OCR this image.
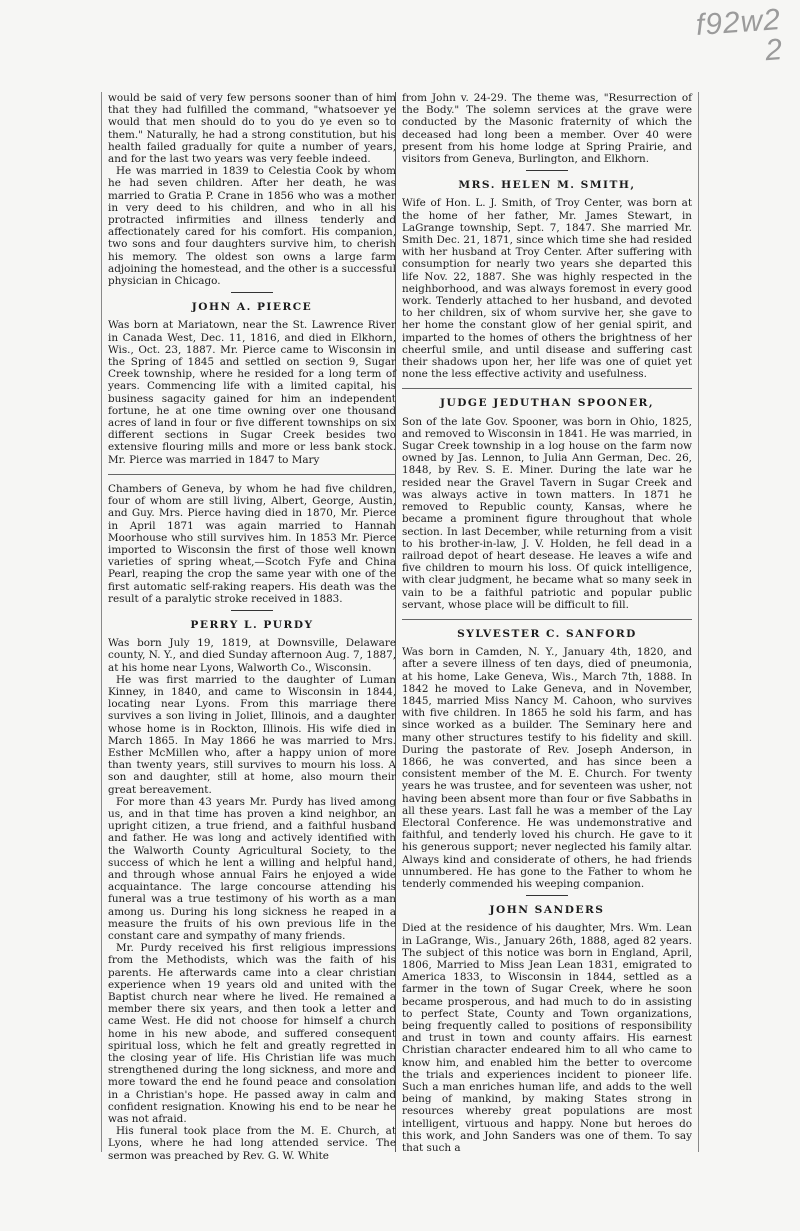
f92w2
2

would be said of very few persons sooner than of him that they had fulfilled the command, "whatsoever ye would that men should do to you do ye even so to them." Naturally, he had a strong constitution, but his health failed gradually for quite a number of years, and for the last two years was very feeble indeed.

He was married in 1839 to Celestia Cook by whom he had seven children. After her death, he was married to Gratia P. Crane in 1856 who was a mother in very deed to his children, and who in all his protracted infirmities and illness tenderly and affectionately cared for his comfort. His companion, two sons and four daughters survive him, to cherish his memory. The oldest son owns a large farm adjoining the homestead, and the other is a successful physician in Chicago.

JOHN A. PIERCE

Was born at Mariatown, near the St. Lawrence River in Canada West, Dec. 11, 1816, and died in Elkhorn, Wis., Oct. 23, 1887. Mr. Pierce came to Wisconsin in the Spring of 1845 and settled on section 9, Sugar Creek township, where he resided for a long term of years. Commencing life with a limited capital, his business sagacity gained for him an independent fortune, he at one time owning over one thousand acres of land in four or five different townships on six different sections in Sugar Creek besides two extensive flouring mills and more or less bank stock. Mr. Pierce was married in 1847 to Mary

Chambers of Geneva, by whom he had five children, four of whom are still living, Albert, George, Austin, and Guy. Mrs. Pierce having died in 1870, Mr. Pierce in April 1871 was again married to Hannah Moorhouse who still survives him. In 1853 Mr. Pierce imported to Wisconsin the first of those well known varieties of spring wheat,—Scotch Fyfe and China Pearl, reaping the crop the same year with one of the first automatic self-raking reapers. His death was the result of a paralytic stroke received in 1883.

PERRY L. PURDY

Was born July 19, 1819, at Downsville, Delaware county, N. Y., and died Sunday afternoon Aug. 7, 1887, at his home near Lyons, Walworth Co., Wisconsin.

He was first married to the daughter of Luman Kinney, in 1840, and came to Wisconsin in 1844, locating near Lyons. From this marriage there survives a son living in Joliet, Illinois, and a daughter whose home is in Rockton, Illinois. His wife died in March 1865. In May 1866 he was married to Mrs. Esther McMillen who, after a happy union of more than twenty years, still survives to mourn his loss. A son and daughter, still at home, also mourn their great bereavement.

For more than 43 years Mr. Purdy has lived among us, and in that time has proven a kind neighbor, an upright citizen, a true friend, and a faithful husband and father. He was long and actively identified with the Walworth County Agricultural Society, to the success of which he lent a willing and helpful hand, and through whose annual Fairs he enjoyed a wide acquaintance. The large concourse attending his funeral was a true testimony of his worth as a man among us. During his long sickness he reaped in a measure the fruits of his own previous life in the constant care and sympathy of many friends.

Mr. Purdy received his first religious impressions from the Methodists, which was the faith of his parents. He afterwards came into a clear christian experience when 19 years old and united with the Baptist church near where he lived. He remained a member there six years, and then took a letter and came West. He did not choose for himself a church home in his new abode, and suffered consequent spiritual loss, which he felt and greatly regretted in the closing year of life. His Christian life was much strengthened during the long sickness, and more and more toward the end he found peace and consolation in a Christian's hope. He passed away in calm and confident resignation. Knowing his end to be near he was not afraid.

His funeral took place from the M. E. Church, at Lyons, where he had long attended service. The sermon was preached by Rev. G. W. White

from John v. 24-29. The theme was, "Resurrection of the Body." The solemn services at the grave were conducted by the Masonic fraternity of which the deceased had long been a member. Over 40 were present from his home lodge at Spring Prairie, and visitors from Geneva, Burlington, and Elkhorn.

MRS. HELEN M. SMITH,

Wife of Hon. L. J. Smith, of Troy Center, was born at the home of her father, Mr. James Stewart, in LaGrange township, Sept. 7, 1847. She married Mr. Smith Dec. 21, 1871, since which time she had resided with her husband at Troy Center. After suffering with consumption for nearly two years she departed this life Nov. 22, 1887. She was highly respected in the neighborhood, and was always foremost in every good work. Tenderly attached to her husband, and devoted to her children, six of whom survive her, she gave to her home the constant glow of her genial spirit, and imparted to the homes of others the brightness of her cheerful smile, and until disease and suffering cast their shadows upon her, her life was one of quiet yet none the less effective activity and usefulness.

JUDGE JEDUTHAN SPOONER,

Son of the late Gov. Spooner, was born in Ohio, 1825, and removed to Wisconsin in 1841. He was married, in Sugar Creek township in a log house on the farm now owned by Jas. Lennon, to Julia Ann German, Dec. 26, 1848, by Rev. S. E. Miner. During the late war he resided near the Gravel Tavern in Sugar Creek and was always active in town matters. In 1871 he removed to Republic county, Kansas, where he became a prominent figure throughout that whole section. In last December, while returning from a visit to his brother-in-law, J. V. Holden, he fell dead in a railroad depot of heart desease. He leaves a wife and five children to mourn his loss. Of quick intelligence, with clear judgment, he became what so many seek in vain to be a faithful patriotic and popular public servant, whose place will be difficult to fill.

SYLVESTER C. SANFORD

Was born in Camden, N. Y., January 4th, 1820, and after a severe illness of ten days, died of pneumonia, at his home, Lake Geneva, Wis., March 7th, 1888. In 1842 he moved to Lake Geneva, and in November, 1845, married Miss Nancy M. Cahoon, who survives with five children. In 1865 he sold his farm, and has since worked as a builder. The Seminary here and many other structures testify to his fidelity and skill. During the pastorate of Rev. Joseph Anderson, in 1866, he was converted, and has since been a consistent member of the M. E. Church. For twenty years he was trustee, and for seventeen was usher, not having been absent more than four or five Sabbaths in all these years. Last fall he was a member of the Lay Electoral Conference. He was undemonstrative and faithful, and tenderly loved his church. He gave to it his generous support; never neglected his family altar. Always kind and considerate of others, he had friends unnumbered. He has gone to the Father to whom he tenderly commended his weeping companion.

JOHN SANDERS

Died at the residence of his daughter, Mrs. Wm. Lean in LaGrange, Wis., January 26th, 1888, aged 82 years. The subject of this notice was born in England, April, 1806, Married to Miss Jean Lean 1831, emigrated to America 1833, to Wisconsin in 1844, settled as a farmer in the town of Sugar Creek, where he soon became prosperous, and had much to do in assisting to perfect State, County and Town organizations, being frequently called to positions of responsibility and trust in town and county affairs. His earnest Christian character endeared him to all who came to know him, and enabled him the better to overcome the trials and experiences incident to pioneer life. Such a man enriches human life, and adds to the well being of mankind, by making States strong in resources whereby great populations are most intelligent, virtuous and happy. None but heroes do this work, and John Sanders was one of them. To say that such a
